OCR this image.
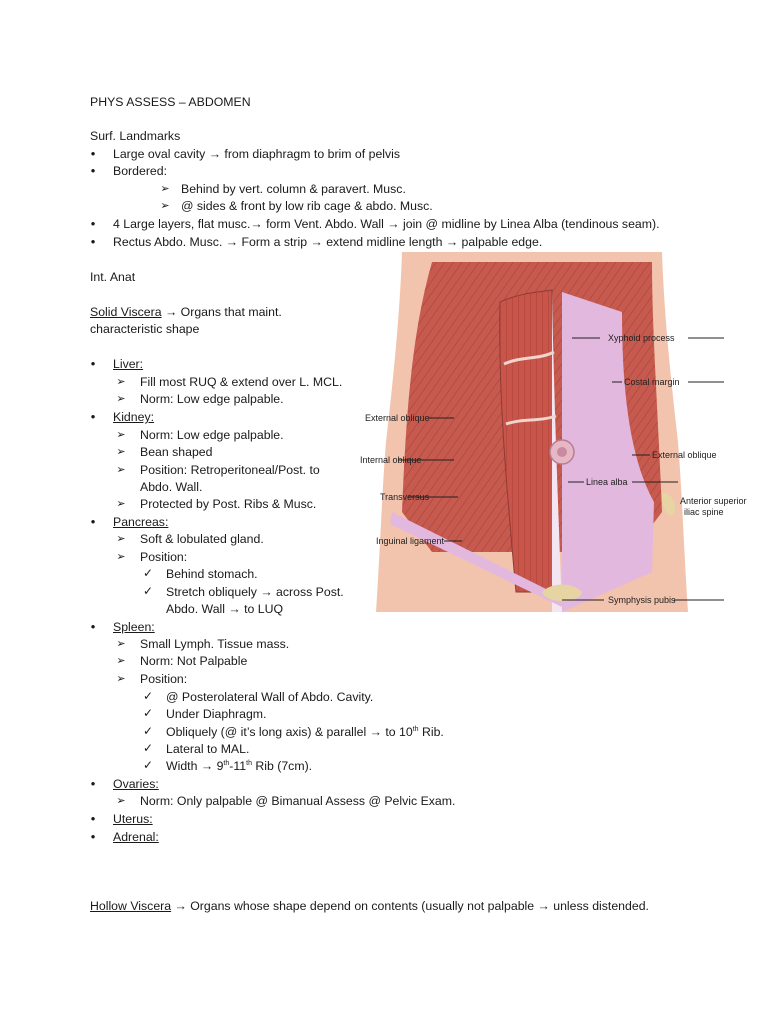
PHYS ASSESS – ABDOMEN
Surf. Landmarks
•
Large oval cavity → from diaphragm to brim of pelvis
•
Bordered:
➢
Behind by vert. column & paravert. Musc.
➢
@ sides & front by low rib cage & abdo. Musc.
•
4 Large layers, flat musc.→ form Vent. Abdo. Wall → join @ midline by Linea Alba (tendinous seam).
•
Rectus Abdo. Musc. → Form a strip → extend midline length → palpable edge.
Int. Anat
Solid Viscera → Organs that maint.
characteristic shape
•
Liver:
➢
Fill most RUQ & extend over L. MCL.
➢
Norm: Low edge palpable.
•
Kidney:
➢
Norm: Low edge palpable.
➢
Bean shaped
➢
Position: Retroperitoneal/Post. to
Abdo. Wall.
➢
Protected by Post. Ribs & Musc.
•
Pancreas:
➢
Soft & lobulated gland.
➢
Position:
✓
Behind stomach.
✓
Stretch obliquely → across Post.
Abdo. Wall → to LUQ
•
Spleen:
➢
Small Lymph. Tissue mass.
➢
Norm: Not Palpable
➢
Position:
✓
@ Posterolateral Wall of Abdo. Cavity.
✓
Under Diaphragm.
✓
Obliquely (@ it’s long axis) & parallel → to 10th Rib.
✓
Lateral to MAL.
✓
Width → 9th-11th Rib (7cm).
•
Ovaries:
➢
Norm: Only palpable @ Bimanual Assess @ Pelvic Exam.
•
Uterus:
•
Adrenal:
Hollow Viscera → Organs whose shape depend on contents (usually not palpable → unless distended.
Xyphoid process
Costal margin
External oblique
Internal oblique	External oblique
Linea alba
Anterior superior
iliac spine
Transversus
Inguinal ligament
Symphysis pubis
